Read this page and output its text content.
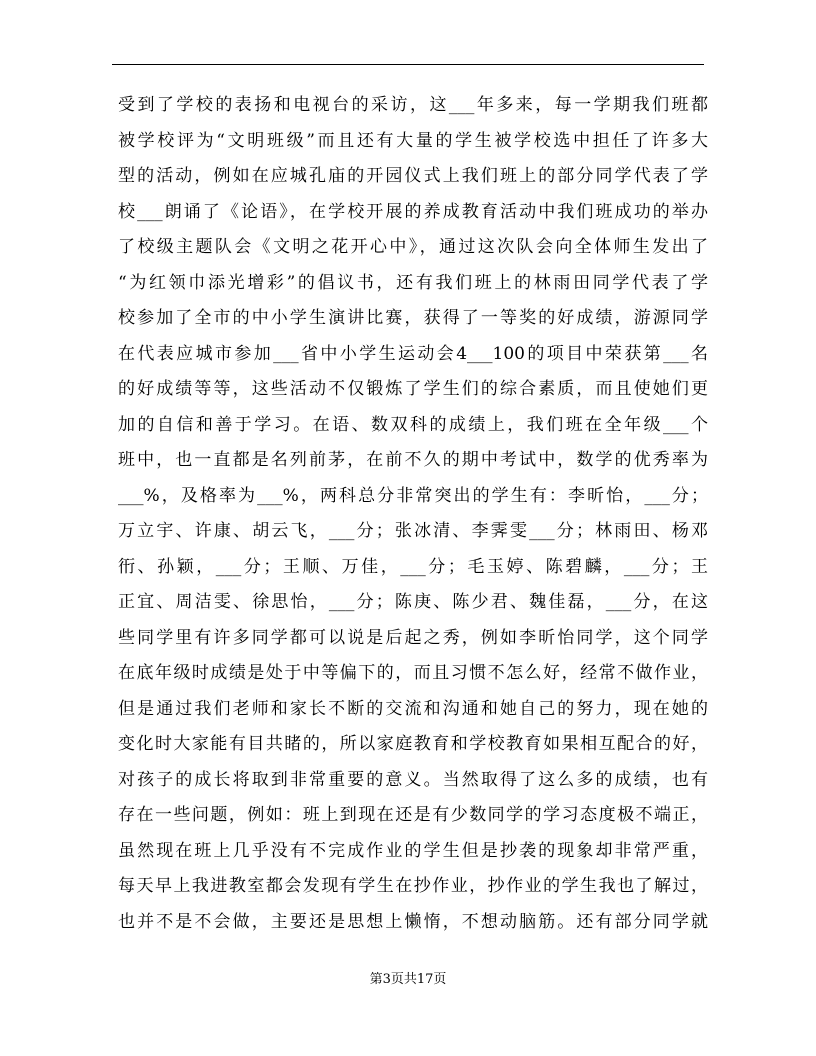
受到了学校的表扬和电视台的采访，这___年多来，每一学期我们班都
被学校评为“文明班级”而且还有大量的学生被学校选中担任了许多大
型的活动，例如在应城孔庙的开园仪式上我们班上的部分同学代表了学
校___朗诵了《论语》，在学校开展的养成教育活动中我们班成功的举办
了校级主题队会《文明之花开心中》，通过这次队会向全体师生发出了
“为红领巾添光增彩”的倡议书，还有我们班上的林雨田同学代表了学
校参加了全市的中小学生演讲比赛，获得了一等奖的好成绩，游源同学
在代表应城市参加___省中小学生运动会4___100的项目中荣获第___名
的好成绩等等，这些活动不仅锻炼了学生们的综合素质，而且使她们更
加的自信和善于学习。在语、数双科的成绩上，我们班在全年级___个
班中，也一直都是名列前茅，在前不久的期中考试中，数学的优秀率为
___%，及格率为___%，两科总分非常突出的学生有：李昕怡，___分；
万立宇、许康、胡云飞，___分；张冰清、李霁雯___分；林雨田、杨邓
衎、孙颖，___分；王顺、万佳，___分；毛玉婷、陈碧麟，___分；王
正宜、周洁雯、徐思怡，___分；陈庚、陈少君、魏佳磊，___分，在这
些同学里有许多同学都可以说是后起之秀，例如李昕怡同学，这个同学
在底年级时成绩是处于中等偏下的，而且习惯不怎么好，经常不做作业，
但是通过我们老师和家长不断的交流和沟通和她自己的努力，现在她的
变化时大家能有目共睹的，所以家庭教育和学校教育如果相互配合的好，
对孩子的成长将取到非常重要的意义。当然取得了这么多的成绩，也有
存在一些问题，例如：班上到现在还是有少数同学的学习态度极不端正，
虽然现在班上几乎没有不完成作业的学生但是抄袭的现象却非常严重，
每天早上我进教室都会发现有学生在抄作业，抄作业的学生我也了解过，
也并不是不会做，主要还是思想上懒惰，不想动脑筋。还有部分同学就
第3页共17页
